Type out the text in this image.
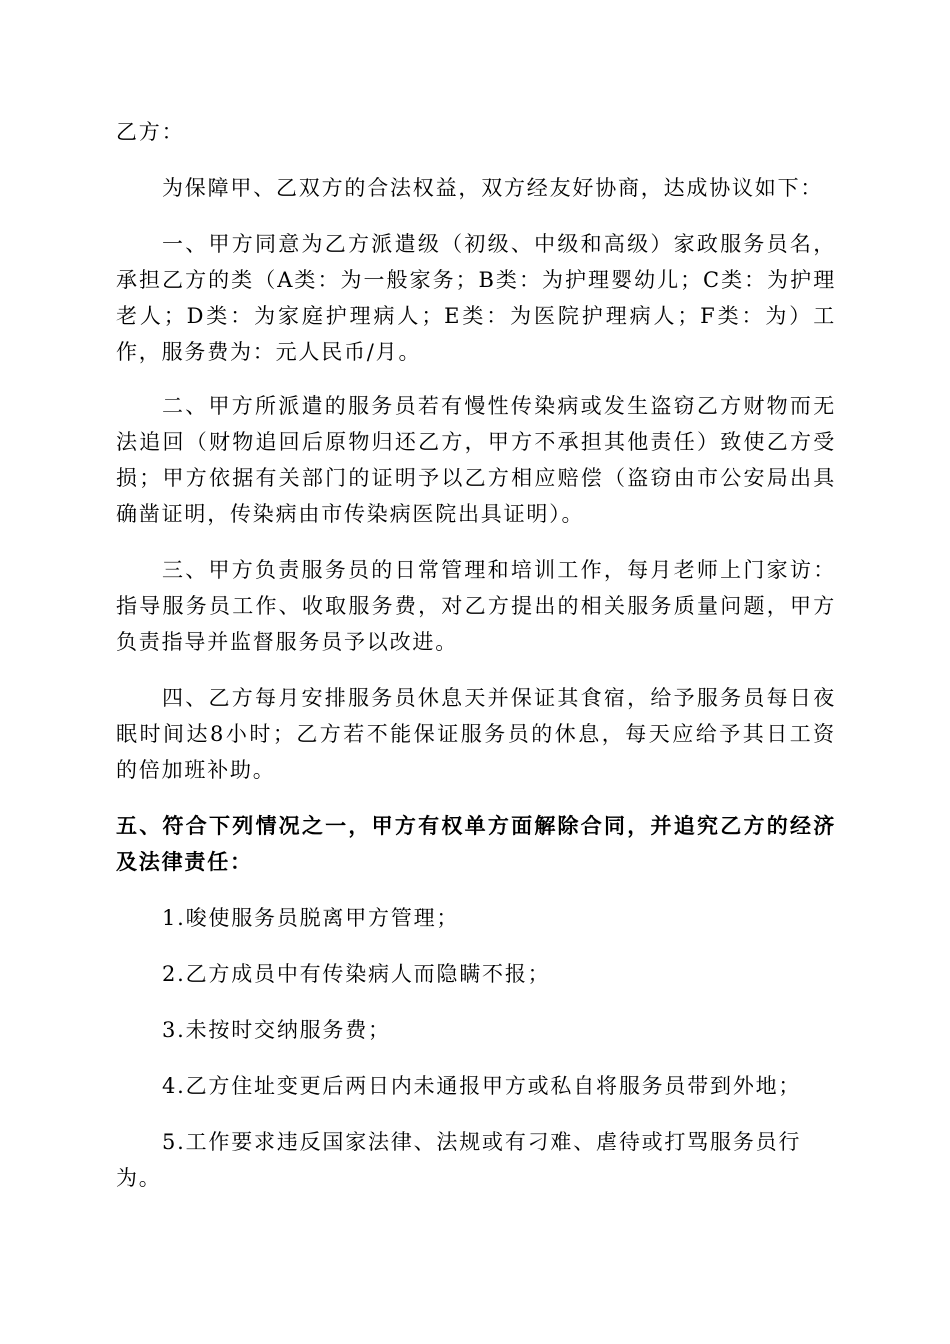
乙方：

为保障甲、乙双方的合法权益，双方经友好协商，达成协议如下：

一、甲方同意为乙方派遣级（初级、中级和高级）家政服务员名，承担乙方的类（A类：为一般家务；B类：为护理婴幼儿；C类：为护理老人；D类：为家庭护理病人；E类：为医院护理病人；F类：为）工作，服务费为：元人民币/月。

二、甲方所派遣的服务员若有慢性传染病或发生盗窃乙方财物而无法追回（财物追回后原物归还乙方，甲方不承担其他责任）致使乙方受损；甲方依据有关部门的证明予以乙方相应赔偿（盗窃由市公安局出具确凿证明，传染病由市传染病医院出具证明）。

三、甲方负责服务员的日常管理和培训工作，每月老师上门家访：指导服务员工作、收取服务费，对乙方提出的相关服务质量问题，甲方负责指导并监督服务员予以改进。

四、乙方每月安排服务员休息天并保证其食宿，给予服务员每日夜眠时间达8小时；乙方若不能保证服务员的休息，每天应给予其日工资的倍加班补助。

五、符合下列情况之一，甲方有权单方面解除合同，并追究乙方的经济及法律责任：

1.唆使服务员脱离甲方管理；

2.乙方成员中有传染病人而隐瞒不报；

3.未按时交纳服务费；

4.乙方住址变更后两日内未通报甲方或私自将服务员带到外地；

5.工作要求违反国家法律、法规或有刁难、虐待或打骂服务员行为。
